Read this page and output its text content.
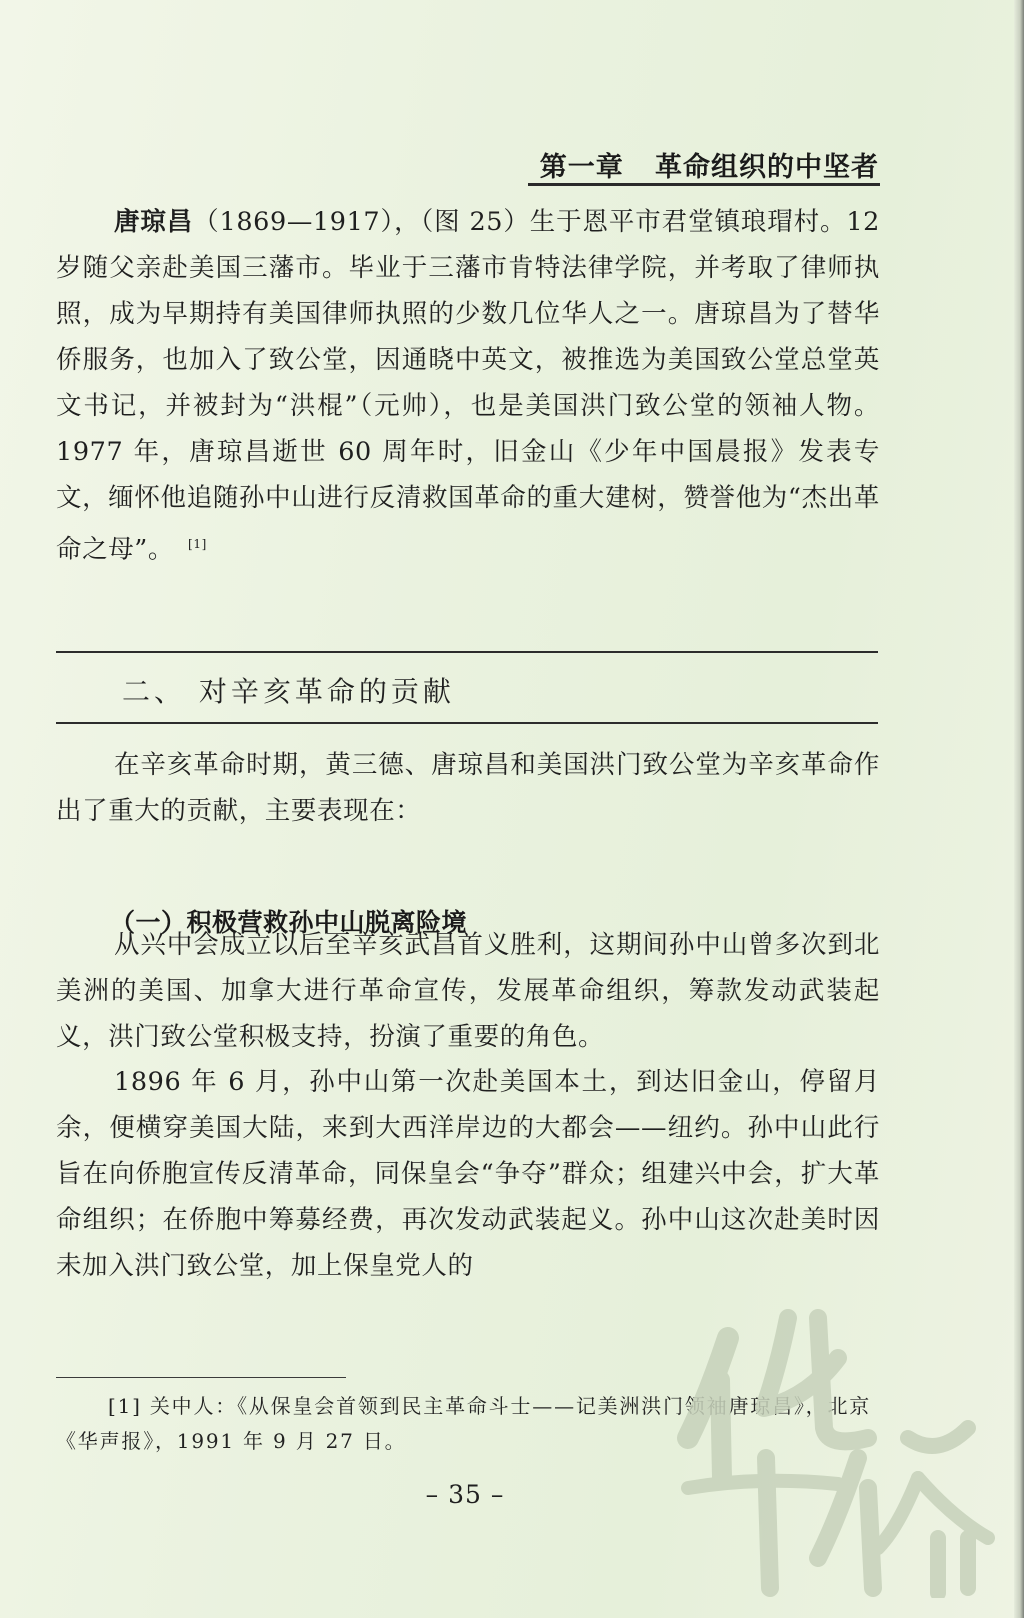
第一章 革命组织的中坚者
唐琼昌（1869—1917），（图 25）生于恩平市君堂镇琅瑁村。12 岁随父亲赴美国三藩市。毕业于三藩市肯特法律学院，并考取了律师执照，成为早期持有美国律师执照的少数几位华人之一。唐琼昌为了替华侨服务，也加入了致公堂，因通晓中英文，被推选为美国致公堂总堂英文书记，并被封为“洪棍”（元帅），也是美国洪门致公堂的领袖人物。1977 年，唐琼昌逝世 60 周年时，旧金山《少年中国晨报》发表专文，缅怀他追随孙中山进行反清救国革命的重大建树，赞誉他为“杰出革命之母”。 [1]
二、 对辛亥革命的贡献
在辛亥革命时期，黄三德、唐琼昌和美国洪门致公堂为辛亥革命作出了重大的贡献，主要表现在：
（一）积极营救孙中山脱离险境
从兴中会成立以后至辛亥武昌首义胜利，这期间孙中山曾多次到北美洲的美国、加拿大进行革命宣传，发展革命组织，筹款发动武装起义，洪门致公堂积极支持，扮演了重要的角色。
1896 年 6 月，孙中山第一次赴美国本土，到达旧金山，停留月余，便横穿美国大陆，来到大西洋岸边的大都会——纽约。孙中山此行旨在向侨胞宣传反清革命，同保皇会“争夺”群众；组建兴中会，扩大革命组织；在侨胞中筹募经费，再次发动武装起义。孙中山这次赴美时因未加入洪门致公堂，加上保皇党人的
[1] 关中人：《从保皇会首领到民主革命斗士——记美洲洪门领袖唐琼昌》，北京《华声报》，1991 年 9 月 27 日。
– 35 –
